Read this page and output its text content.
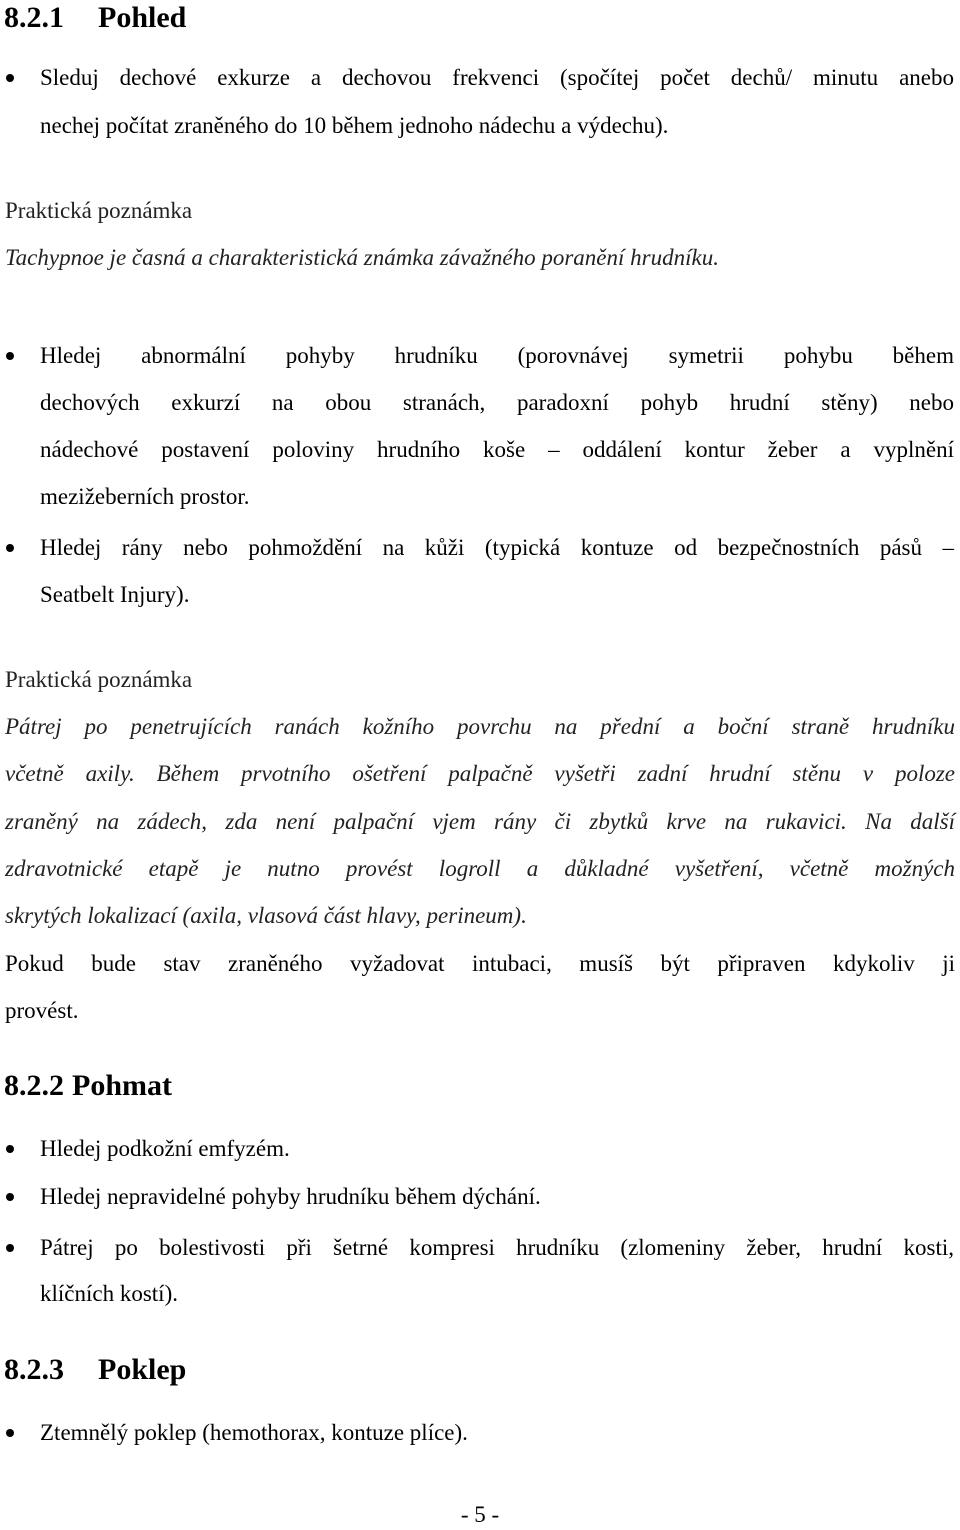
8.2.1 Pohled
Sleduj dechové exkurze a dechovou frekvenci (spočítej počet dechů/ minutu anebo
nechej počítat zraněného do 10 během jednoho nádechu a výdechu).
Praktická poznámka
Tachypnoe je časná a charakteristická známka závažného poranění hrudníku.
Hledej abnormální pohyby hrudníku (porovnávej symetrii pohybu během
dechových exkurzí na obou stranách, paradoxní pohyb hrudní stěny) nebo
nádechové postavení poloviny hrudního koše – oddálení kontur žeber a vyplnění
mezižeberních prostor.
Hledej rány nebo pohmoždění na kůži (typická kontuze od bezpečnostních pásů –
Seatbelt Injury).
Praktická poznámka
Pátrej po penetrujících ranách kožního povrchu na přední a boční straně hrudníku
včetně axily. Během prvotního ošetření palpačně vyšetři zadní hrudní stěnu v poloze
zraněný na zádech, zda není palpační vjem rány či zbytků krve na rukavici. Na další
zdravotnické etapě je nutno provést logroll a důkladné vyšetření, včetně možných
skrytých lokalizací (axila, vlasová část hlavy, perineum).
Pokud bude stav zraněného vyžadovat intubaci, musíš být připraven kdykoliv ji
provést.
8.2.2 Pohmat
Hledej podkožní emfyzém.
Hledej nepravidelné pohyby hrudníku během dýchání.
Pátrej po bolestivosti při šetrné kompresi hrudníku (zlomeniny žeber, hrudní kosti,
klíčních kostí).
8.2.3 Poklep
Ztemnělý poklep (hemothorax, kontuze plíce).
- 5 -
